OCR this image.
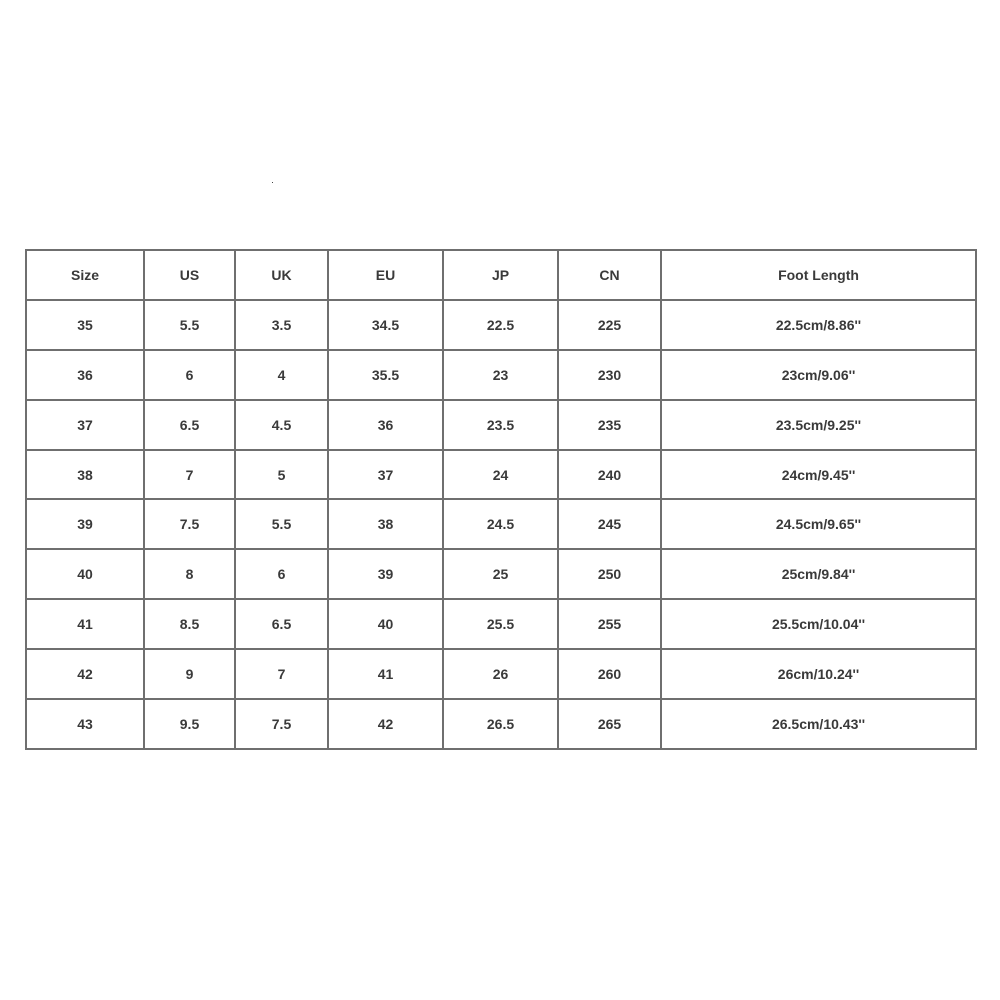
Size	US	UK	EU	JP	CN	Foot Length
35	5.5	3.5	34.5	22.5	225	22.5cm/8.86''
36	6	4	35.5	23	230	23cm/9.06''
37	6.5	4.5	36	23.5	235	23.5cm/9.25''
38	7	5	37	24	240	24cm/9.45''
39	7.5	5.5	38	24.5	245	24.5cm/9.65''
40	8	6	39	25	250	25cm/9.84''
41	8.5	6.5	40	25.5	255	25.5cm/10.04''
42	9	7	41	26	260	26cm/10.24''
43	9.5	7.5	42	26.5	265	26.5cm/10.43''
